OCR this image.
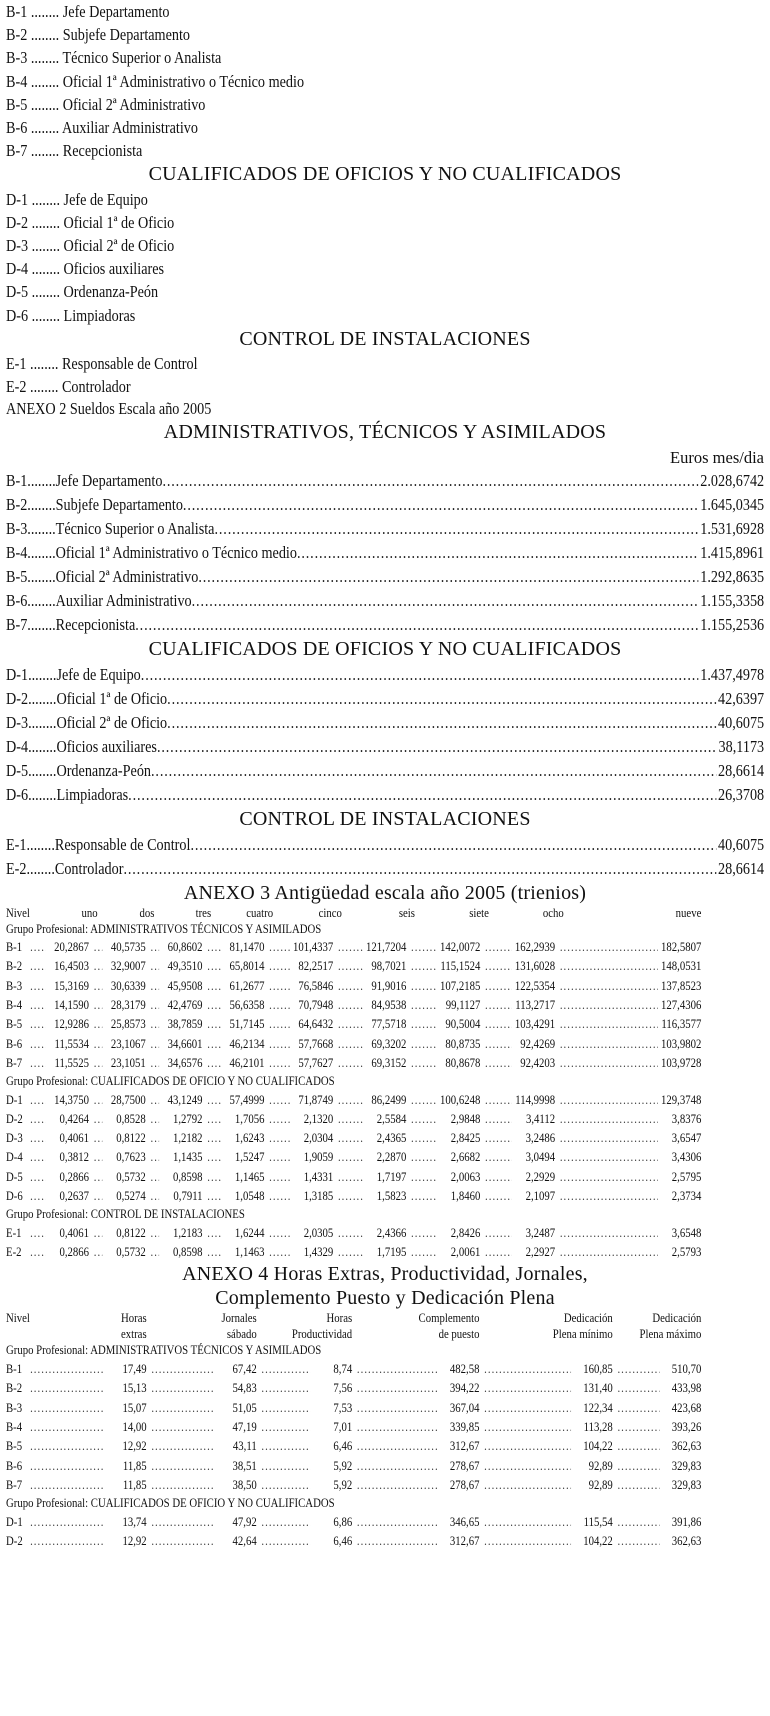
B-1 ........ Jefe Departamento
B-2 ........ Subjefe Departamento
B-3 ........ Técnico Superior o Analista
B-4 ........ Oficial 1ª Administrativo o Técnico medio
B-5 ........ Oficial 2ª Administrativo
B-6 ........ Auxiliar Administrativo
B-7 ........ Recepcionista
CUALIFICADOS DE OFICIOS Y NO CUALIFICADOS
D-1 ........ Jefe de Equipo
D-2 ........ Oficial 1ª de Oficio
D-3 ........ Oficial 2ª de Oficio
D-4 ........ Oficios auxiliares
D-5 ........ Ordenanza-Peón
D-6 ........ Limpiadoras
CONTROL DE INSTALACIONES
E-1 ........ Responsable de Control
E-2 ........ Controlador
ANEXO 2 Sueldos Escala año 2005
ADMINISTRATIVOS, TÉCNICOS Y ASIMILADOS
Euros mes/dia
B-1 ........ Jefe Departamento .....	2.028,6742
B-2 ........ Subjefe Departamento .....	1.645,0345
B-3 ........ Técnico Superior o Analista .....	1.531,6928
B-4 ........ Oficial 1ª Administrativo o Técnico medio .....	1.415,8961
B-5 ........ Oficial 2ª Administrativo .....	1.292,8635
B-6 ........ Auxiliar Administrativo .....	1.155,3358
B-7 ........ Recepcionista .....	1.155,2536
CUALIFICADOS DE OFICIOS Y NO CUALIFICADOS
D-1 ........ Jefe de Equipo .....	1.437,4978
D-2 ........ Oficial 1ª de Oficio .....	42,6397
D-3 ........ Oficial 2ª de Oficio .....	40,6075
D-4 ........ Oficios auxiliares .....	38,1173
D-5 ........ Ordenanza-Peón .....	28,6614
D-6 ........ Limpiadoras .....	26,3708
CONTROL DE INSTALACIONES
E-1 ........ Responsable de Control .....	40,6075
E-2 ........ Controlador .....	28,6614
ANEXO 3 Antigüedad escala año 2005 (trienios)
Nivel	uno	dos	tres	cuatro	cinco	seis	siete	ocho	nueve
Grupo Profesional: ADMINISTRATIVOS TÉCNICOS Y ASIMILADOS
B-1 .....	20,2867 ..... 40,5735 ..... 60,8602 ..... 81,1470 ..... 101,4337 .....	121,7204 .....	142,0072 .....	162,2939 .....	182,5807
B-2 .....	16,4503 ..... 32,9007 ..... 49,3510 ..... 65,8014 .....	82,2517 .....	98,7021 .....	115,1524 .....	131,6028 .....	148,0531
B-3 .....	15,3169 ..... 30,6339 ..... 45,9508 ..... 61,2677 .....	76,5846 .....	91,9016 .....	107,2185 .....	122,5354 .....	137,8523
B-4 .....	14,1590 ..... 28,3179 ..... 42,4769 ..... 56,6358 .....	70,7948 .....	84,9538 .....	99,1127 .....	113,2717 .....	127,4306
B-5 .....	12,9286 ..... 25,8573 ..... 38,7859 ..... 51,7145 .....	64,6432 .....	77,5718 .....	90,5004 .....	103,4291 .....	116,3577
B-6 .....	11,5534 ..... 23,1067 ..... 34,6601 ..... 46,2134 .....	57,7668 .....	69,3202 .....	80,8735 .....	92,4269 .....	103,9802
B-7 .....	11,5525 ..... 23,1051 ..... 34,6576 ..... 46,2101 .....	57,7627 .....	69,3152 .....	80,8678 .....	92,4203 .....	103,9728
Grupo Profesional: CUALIFICADOS DE OFICIO Y NO CUALIFICADOS
D-1 .....	14,3750 ..... 28,7500 ..... 43,1249 ..... 57,4999 .....	71,8749 .....	86,2499 .....	100,6248 .....	114,9998 .....	129,3748
D-2 .....	0,4264 ..... 0,8528 ..... 1,2792 .....	1,7056 .....	2,1320 .....	2,5584 .....	2,9848 .....	3,4112 .....	3,8376
D-3 .....	0,4061 ..... 0,8122 ..... 1,2182 .....	1,6243 .....	2,0304 .....	2,4365 .....	2,8425 .....	3,2486 .....	3,6547
D-4 .....	0,3812 ..... 0,7623 ..... 1,1435 .....	1,5247 .....	1,9059 .....	2,2870 .....	2,6682 .....	3,0494 .....	3,4306
D-5 .....	0,2866 ..... 0,5732 ..... 0,8598 .....	1,1465 .....	1,4331 .....	1,7197 .....	2,0063 .....	2,2929 .....	2,5795
D-6 .....	0,2637 ..... 0,5274 ..... 0,7911 .....	1,0548 .....	1,3185 .....	1,5823 .....	1,8460 .....	2,1097 .....	2,3734
Grupo Profesional: CONTROL DE INSTALACIONES
E-1 .....	0,4061 ..... 0,8122 ..... 1,2183 .....	1,6244 .....	2,0305 .....	2,4366 .....	2,8426 .....	3,2487 .....	3,6548
E-2 .....	0,2866 ..... 0,5732 ..... 0,8598 .....	1,1463 .....	1,4329 .....	1,7195 .....	2,0061 .....	2,2927 .....	2,5793
ANEXO 4 Horas Extras, Productividad, Jornales,
Complemento Puesto y Dedicación Plena
Nivel	Horas	Jornales	Horas	Complemento	Dedicación	Dedicación
extras	sábado	Productividad	de puesto	Plena mínimo Plena máximo
Grupo Profesional: ADMINISTRATIVOS TÉCNICOS Y ASIMILADOS
B-1 .....	17,49 .....	67,42 .....	8,74 .....	482,58 .....	160,85 .....	510,70
B-2 .....	15,13 .....	54,83 .....	7,56 .....	394,22 .....	131,40 .....	433,98
B-3 .....	15,07 .....	51,05 .....	7,53 .....	367,04 .....	122,34 .....	423,68
B-4 .....	14,00 .....	47,19 .....	7,01 .....	339,85 .....	113,28 .....	393,26
B-5 .....	12,92 .....	43,11 .....	6,46 .....	312,67 .....	104,22 .....	362,63
B-6 .....	11,85 .....	38,51 .....	5,92 .....	278,67 .....	92,89 .....	329,83
B-7 .....	11,85 .....	38,50 .....	5,92 .....	278,67 .....	92,89 .....	329,83
Grupo Profesional: CUALIFICADOS DE OFICIO Y NO CUALIFICADOS
D-1 .....	13,74 .....	47,92 .....	6,86 .....	346,65 .....	115,54 .....	391,86
D-2 .....	12,92 .....	42,64 .....	6,46 .....	312,67 .....	104,22 .....	362,63
